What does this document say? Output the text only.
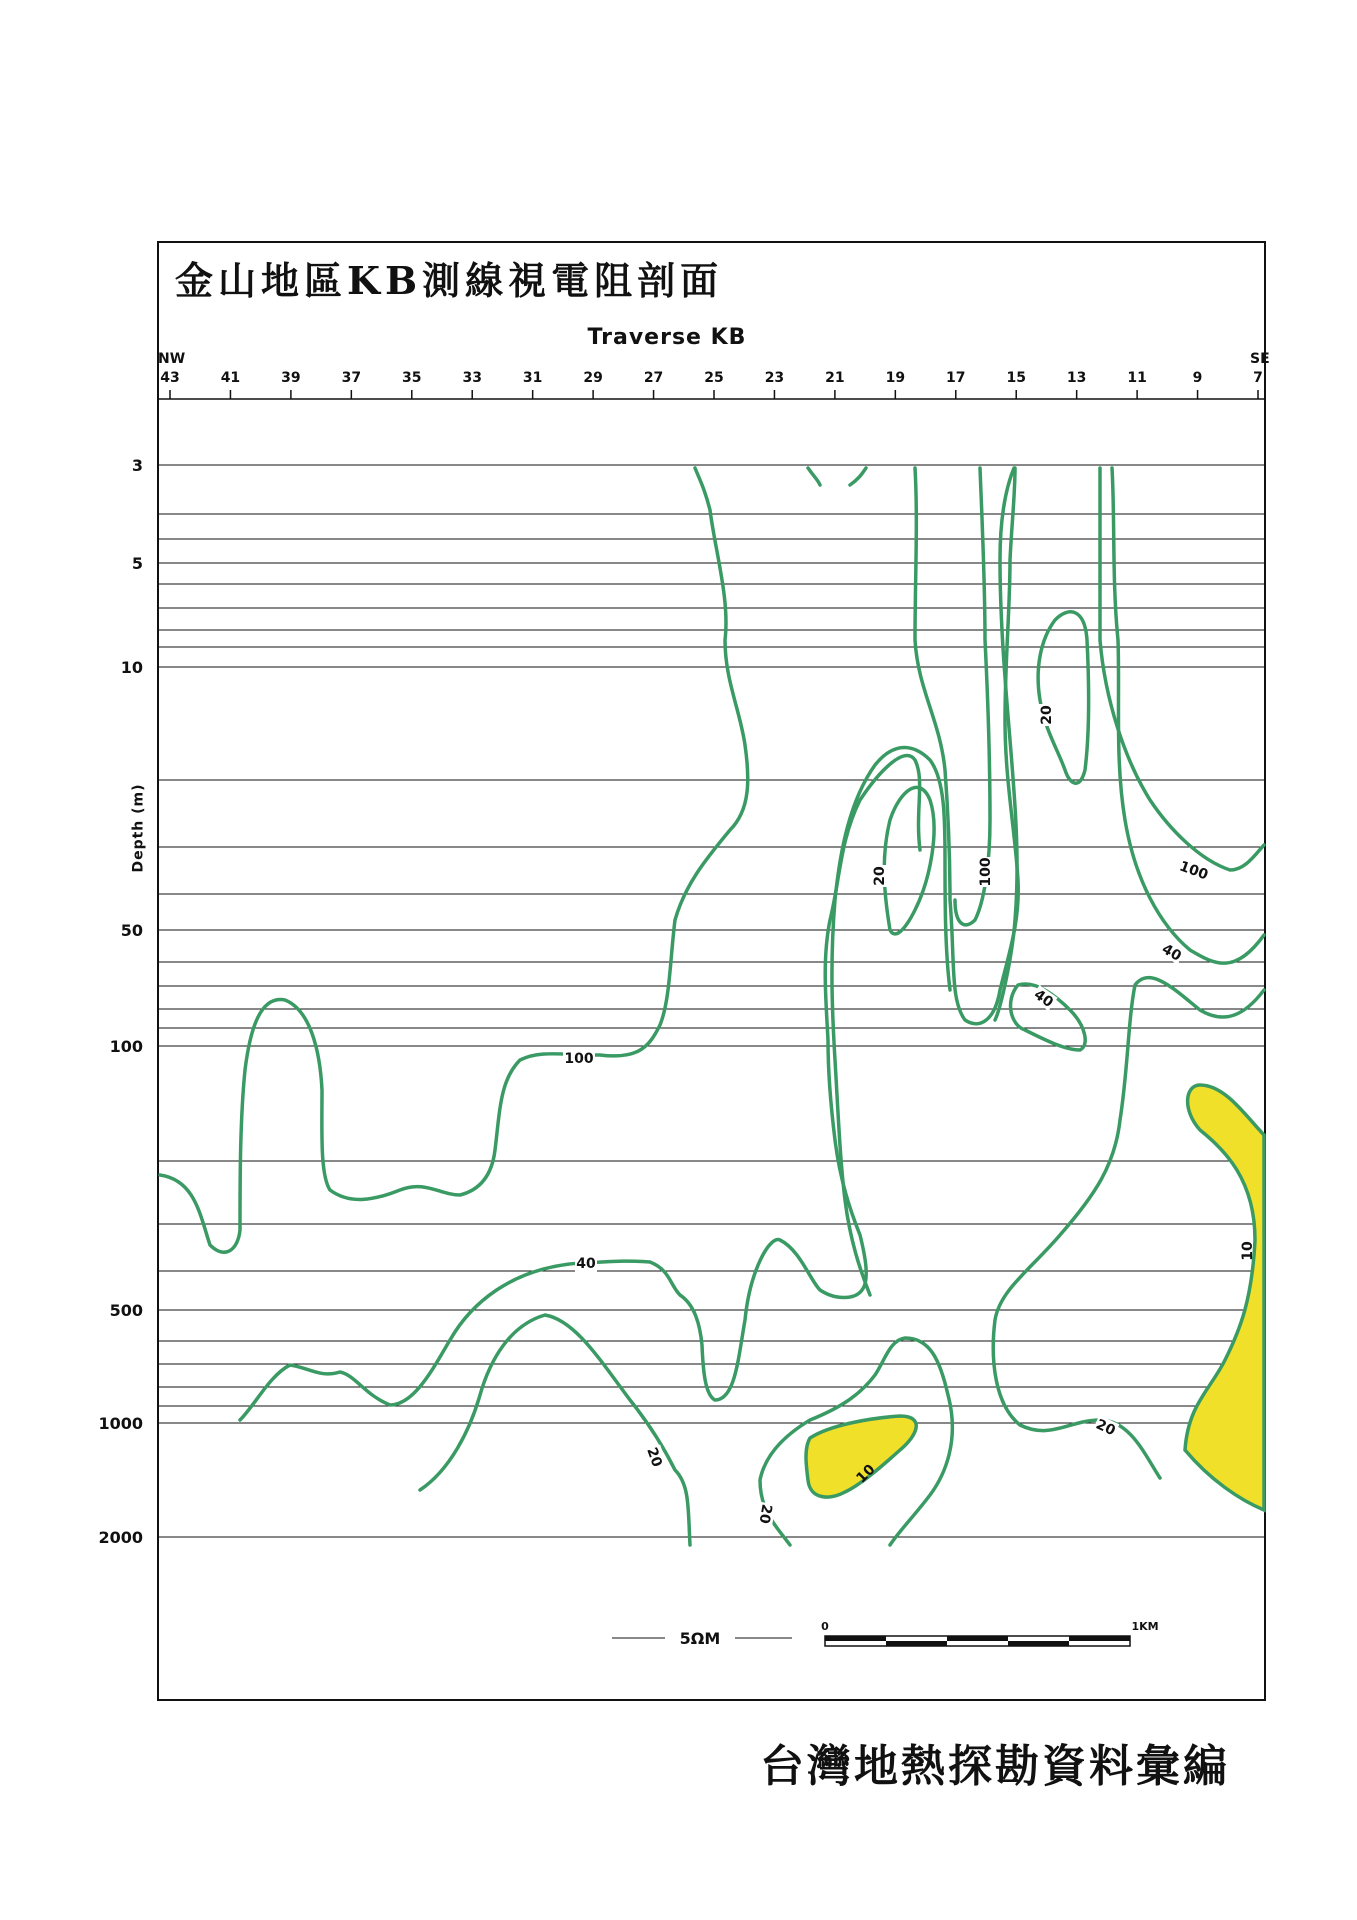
金山地區KB測線視電阻剖面
Traverse KB
NW	SE
Depth (m)
43	41	39	37	35	33	31	29	27	25	23	21	19	17	15	13	11	9	7
3
5
10
50
100
500
1000
2000
100
40
20
20
10
20	100
20
40
100
40
20
10
5ΩM
0	1KM
台灣地熱探勘資料彙編
